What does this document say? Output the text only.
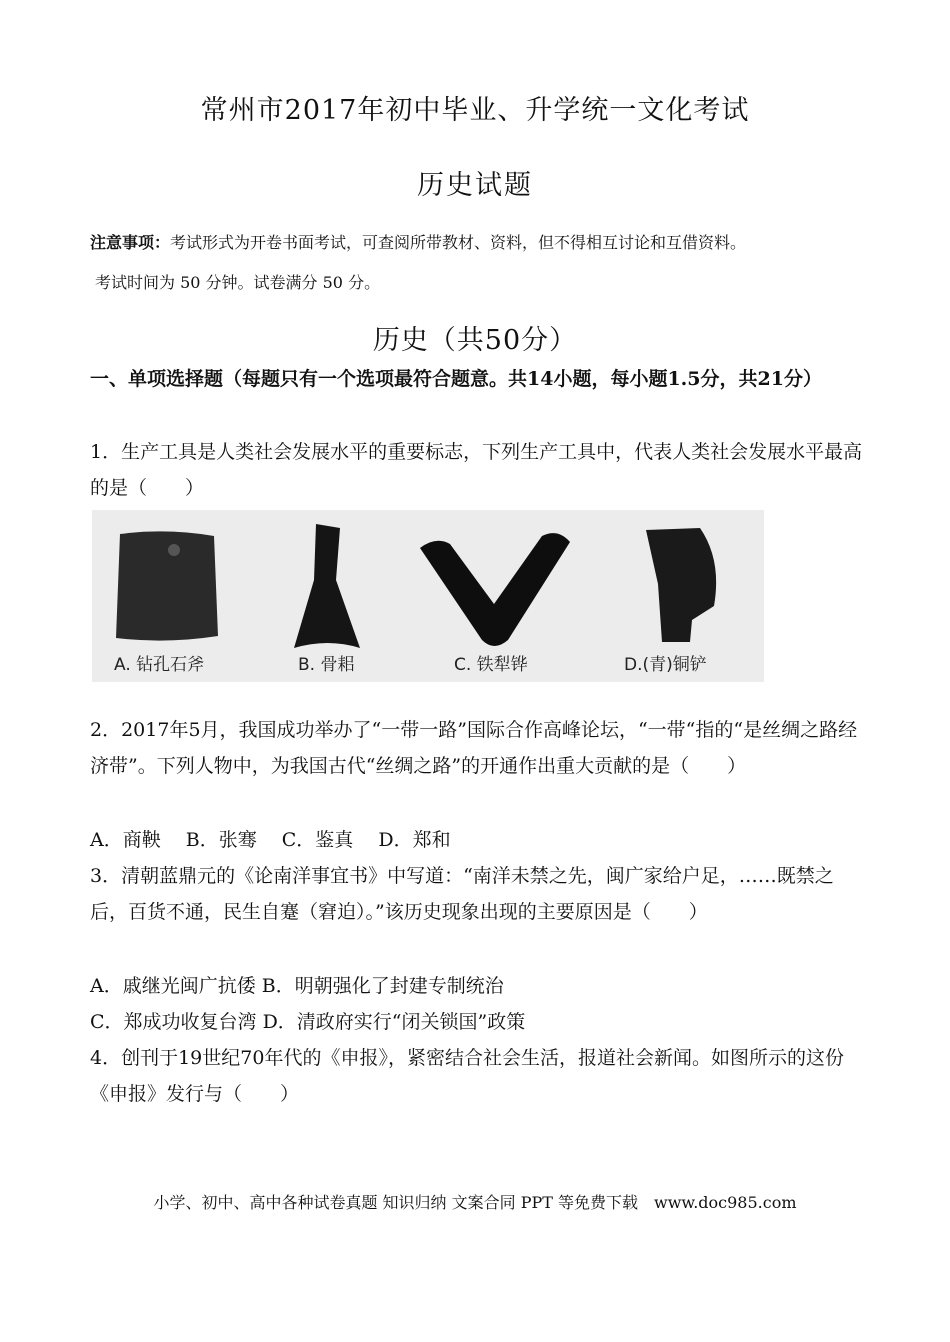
常州市2017年初中毕业、升学统一文化考试
历史试题
注意事项：考试形式为开卷书面考试，可查阅所带教材、资料，但不得相互讨论和互借资料。
考试时间为 50 分钟。试卷满分 50 分。
历史（共50分）
一、单项选择题（每题只有一个选项最符合题意。共14小题，每小题1.5分，共21分）
1．生产工具是人类社会发展水平的重要标志，下列生产工具中，代表人类社会发展水平最高的是（　　）
A. 钻孔石斧	B. 骨耜	C. 铁犁铧	D.(青)铜铲
2．2017年5月，我国成功举办了“一带一路”国际合作高峰论坛，“一带“指的“是丝绸之路经济带”。下列人物中，为我国古代“丝绸之路”的开通作出重大贡献的是（　　）
A．商鞅　 B．张骞　 C．鉴真　 D．郑和
3．清朝蓝鼎元的《论南洋事宜书》中写道：“南洋未禁之先，闽广家给户足，……既禁之后，百货不通，民生自蹇（窘迫）。”该历史现象出现的主要原因是（　　）
A．戚继光闽广抗倭 B．明朝强化了封建专制统治
C．郑成功收复台湾 D．清政府实行“闭关锁国”政策
4．创刊于19世纪70年代的《申报》，紧密结合社会生活，报道社会新闻。如图所示的这份《申报》发行与（　　）
小学、初中、高中各种试卷真题 知识归纳 文案合同 PPT 等免费下载　www.doc985.com
